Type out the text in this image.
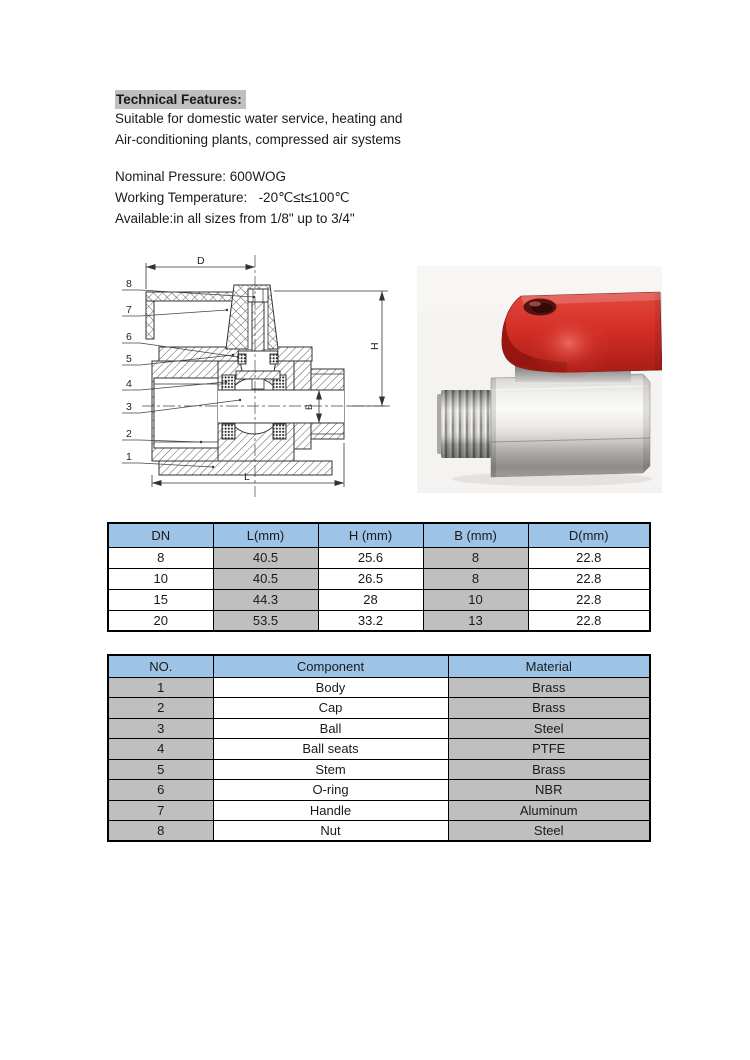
Technical Features:
Suitable for domestic water service, heating and
Air-conditioning plants, compressed air systems
Nominal Pressure: 600WOG
Working Temperature:   -20℃≤t≤100℃
Available:in all sizes from 1/8" up to 3/4"
D
H
B
L
8
7
6
5
4
3
2
1
DN	L(mm)	H (mm)	B (mm)	D(mm)
8	40.5	25.6	8	22.8
10	40.5	26.5	8	22.8
15	44.3	28	10	22.8
20	53.5	33.2	13	22.8
NO.	Component	Material
1	Body	Brass
2	Cap	Brass
3	Ball	Steel
4	Ball seats	PTFE
5	Stem	Brass
6	O-ring	NBR
7	Handle	Aluminum
8	Nut	Steel
